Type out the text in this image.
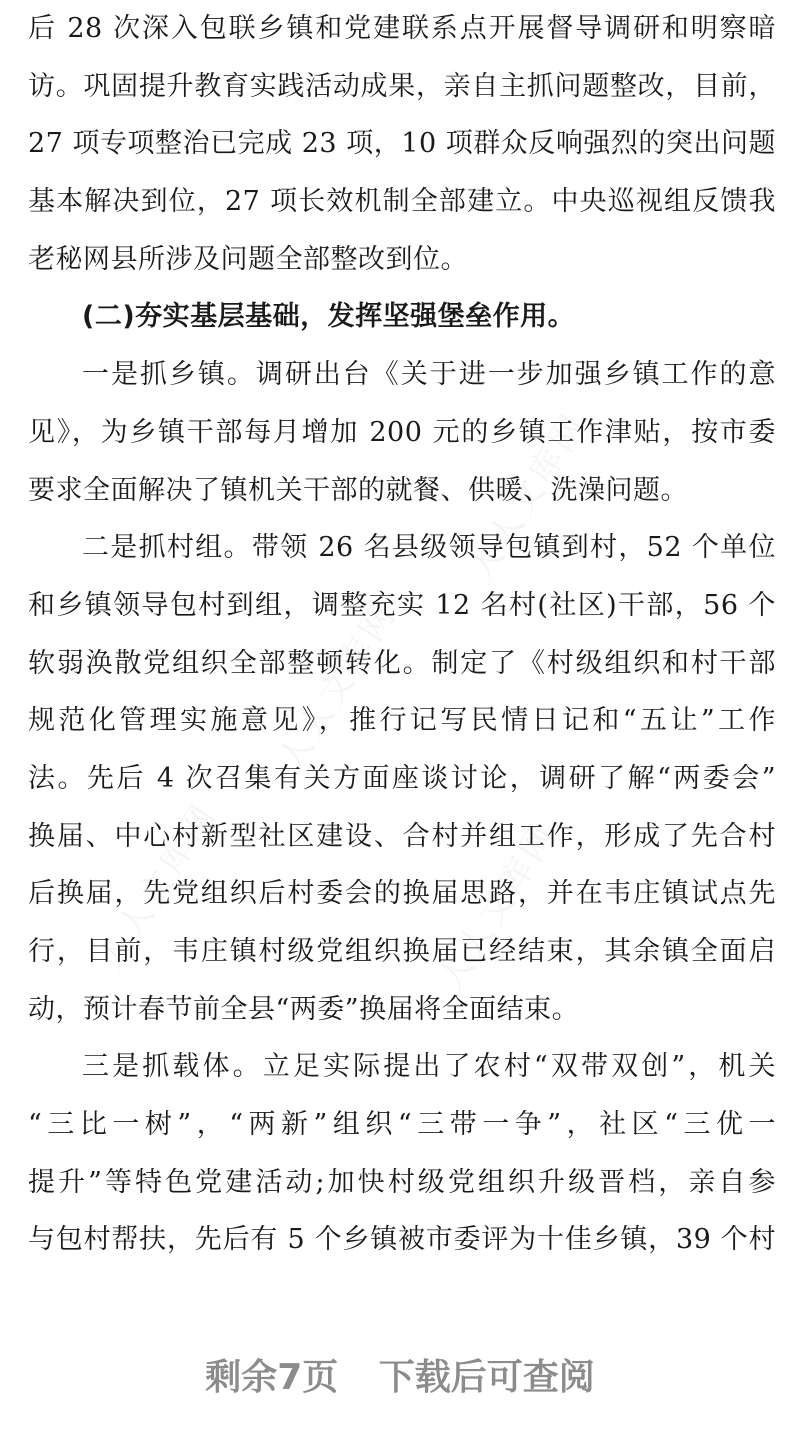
人人文库网
人人文库网
人人文库网	人人文库网
后 28 次深入包联乡镇和党建联系点开展督导调研和明察暗
访。巩固提升教育实践活动成果，亲自主抓问题整改，目前，
27 项专项整治已完成 23 项，10 项群众反响强烈的突出问题
基本解决到位，27 项长效机制全部建立。中央巡视组反馈我
老秘网县所涉及问题全部整改到位。
(二)夯实基层基础，发挥坚强堡垒作用。
一是抓乡镇。调研出台《关于进一步加强乡镇工作的意
见》，为乡镇干部每月增加 200 元的乡镇工作津贴，按市委
要求全面解决了镇机关干部的就餐、供暖、洗澡问题。
二是抓村组。带领 26 名县级领导包镇到村，52 个单位
和乡镇领导包村到组，调整充实 12 名村(社区)干部，56 个
软弱涣散党组织全部整顿转化。制定了《村级组织和村干部
规范化管理实施意见》，推行记写民情日记和“五让”工作
法。先后 4 次召集有关方面座谈讨论，调研了解“两委会”
换届、中心村新型社区建设、合村并组工作，形成了先合村
后换届，先党组织后村委会的换届思路，并在韦庄镇试点先
行，目前，韦庄镇村级党组织换届已经结束，其余镇全面启
动，预计春节前全县“两委”换届将全面结束。
三是抓载体。立足实际提出了农村“双带双创”，机关
“三比一树”，“两新”组织“三带一争”，社区“三优一
提升”等特色党建活动;加快村级党组织升级晋档，亲自参
与包村帮扶，先后有 5 个乡镇被市委评为十佳乡镇，39 个村
剩余7页 下载后可查阅
